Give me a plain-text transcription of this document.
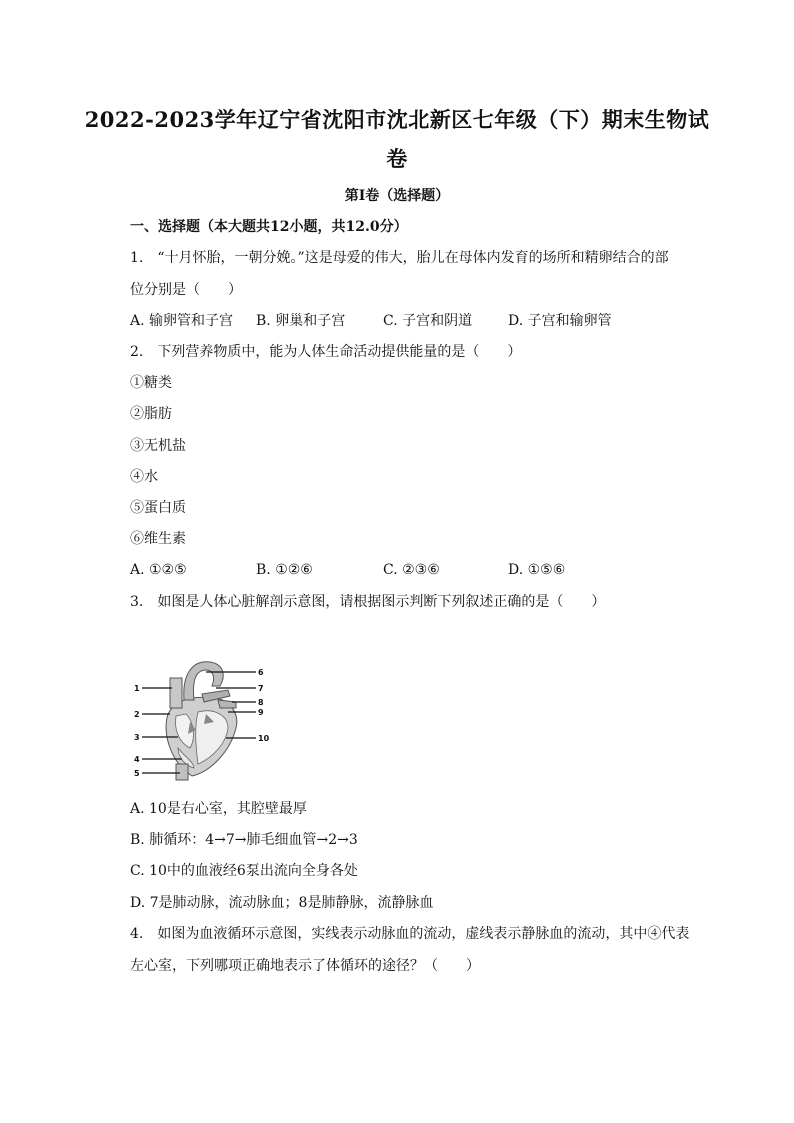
2022-2023学年辽宁省沈阳市沈北新区七年级（下）期末生物试
卷
第I卷（选择题）
一、选择题（本大题共12小题，共12.0分）
1.　“十月怀胎，一朝分娩。”这是母爱的伟大，胎儿在母体内发育的场所和精卵结合的部
位分别是（　　）
A. 输卵管和子宫 B. 卵巢和子宫	C. 子宫和阴道	D. 子宫和输卵管
2.　下列营养物质中，能为人体生命活动提供能量的是（　　）
①糖类
②脂肪
③无机盐
④水
⑤蛋白质
⑥维生素
A. ①②⑤	B. ①②⑥	C. ②③⑥	D. ①⑤⑥
3.　如图是人体心脏解剖示意图，请根据图示判断下列叙述正确的是（　　）
1
2
3
4
5
6
7
8
9
10
A. 10是右心室，其腔壁最厚
B. 肺循环：4→7→肺毛细血管→2→3
C. 10中的血液经6泵出流向全身各处
D. 7是肺动脉，流动脉血；8是肺静脉，流静脉血
4.　如图为血液循环示意图，实线表示动脉血的流动，虚线表示静脉血的流动，其中④代表
左心室，下列哪项正确地表示了体循环的途径？（　　）
